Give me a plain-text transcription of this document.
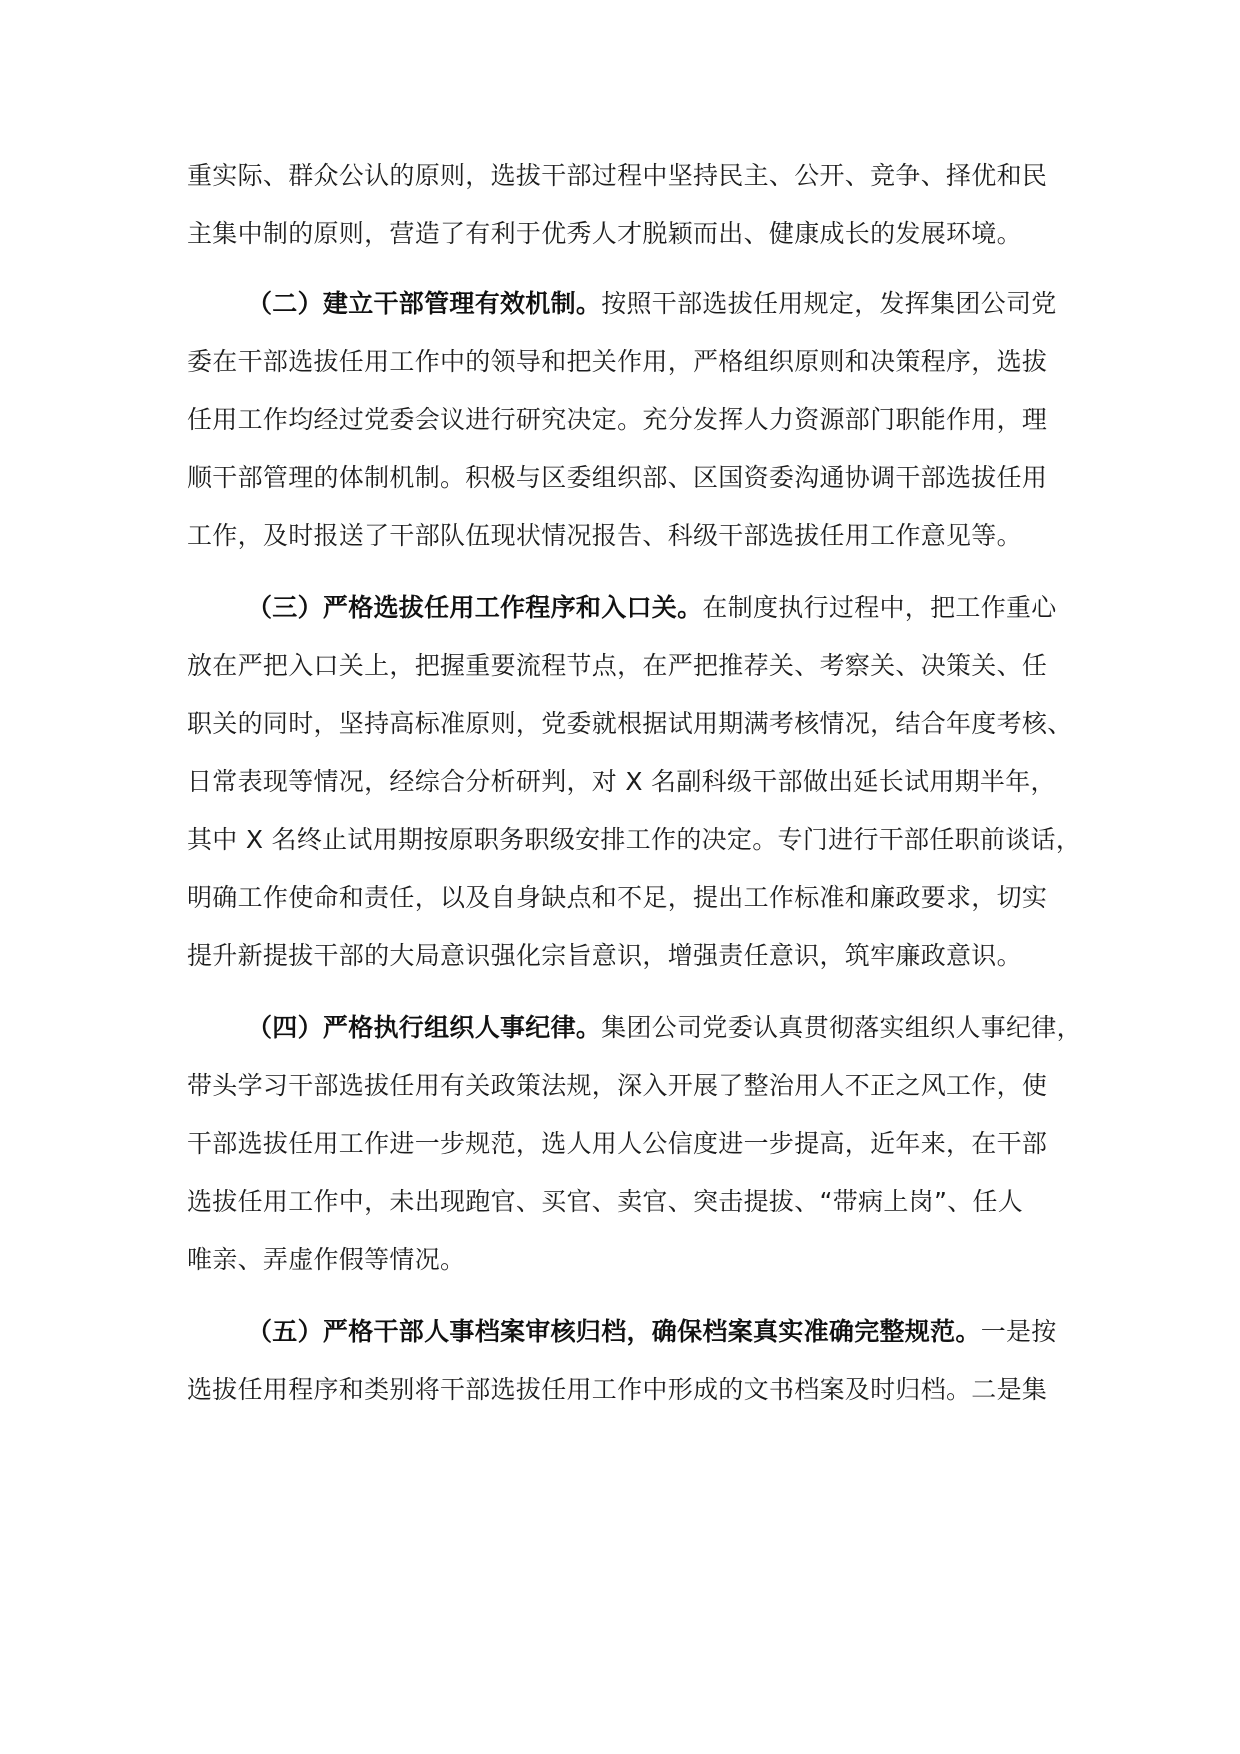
重实际、群众公认的原则，选拔干部过程中坚持民主、公开、竞争、择优和民

主集中制的原则，营造了有利于优秀人才脱颖而出、健康成长的发展环境。

（二）建立干部管理有效机制。按照干部选拔任用规定，发挥集团公司党

委在干部选拔任用工作中的领导和把关作用，严格组织原则和决策程序，选拔

任用工作均经过党委会议进行研究决定。充分发挥人力资源部门职能作用，理

顺干部管理的体制机制。积极与区委组织部、区国资委沟通协调干部选拔任用

工作，及时报送了干部队伍现状情况报告、科级干部选拔任用工作意见等。

（三）严格选拔任用工作程序和入口关。在制度执行过程中，把工作重心

放在严把入口关上，把握重要流程节点，在严把推荐关、考察关、决策关、任

职关的同时，坚持高标准原则，党委就根据试用期满考核情况，结合年度考核、

日常表现等情况，经综合分析研判，对 X 名副科级干部做出延长试用期半年，

其中 X 名终止试用期按原职务职级安排工作的决定。专门进行干部任职前谈话，

明确工作使命和责任，以及自身缺点和不足，提出工作标准和廉政要求，切实

提升新提拔干部的大局意识强化宗旨意识，增强责任意识，筑牢廉政意识。

（四）严格执行组织人事纪律。集团公司党委认真贯彻落实组织人事纪律，

带头学习干部选拔任用有关政策法规，深入开展了整治用人不正之风工作，使

干部选拔任用工作进一步规范，选人用人公信度进一步提高，近年来，在干部

选拔任用工作中，未出现跑官、买官、卖官、突击提拔、“带病上岗”、任人

唯亲、弄虚作假等情况。

（五）严格干部人事档案审核归档，确保档案真实准确完整规范。一是按

选拔任用程序和类别将干部选拔任用工作中形成的文书档案及时归档。二是集
